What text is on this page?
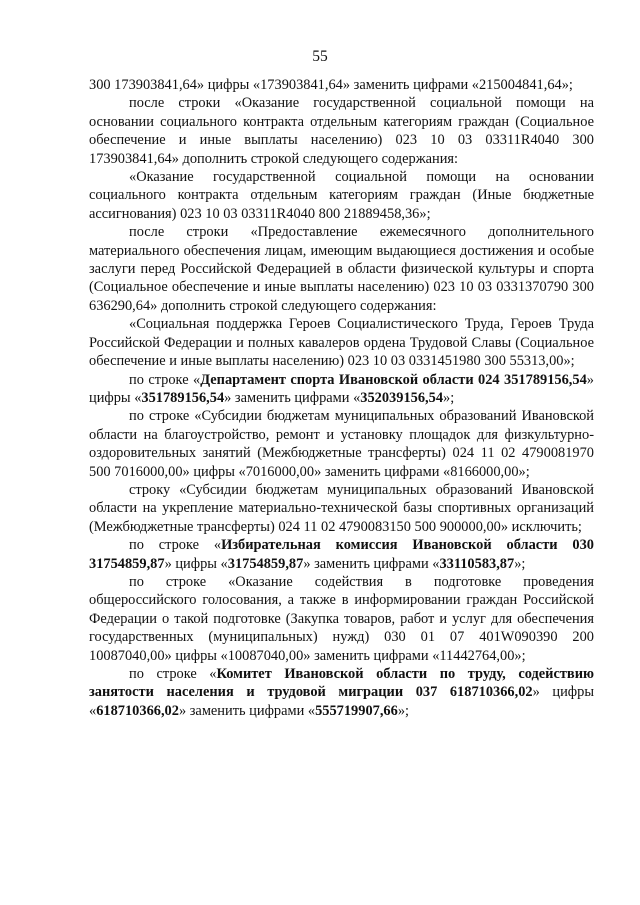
55

300 173903841,64» цифры «173903841,64» заменить цифрами «215004841,64»;

после строки «Оказание государственной социальной помощи на основании социального контракта отдельным категориям граждан (Социальное обеспечение и иные выплаты населению) 023 10 03 03311R4040 300 173903841,64» дополнить строкой следующего содержания:

«Оказание государственной социальной помощи на основании социального контракта отдельным категориям граждан (Иные бюджетные ассигнования) 023 10 03 03311R4040 800 21889458,36»;

после строки «Предоставление ежемесячного дополнительного материального обеспечения лицам, имеющим выдающиеся достижения и особые заслуги перед Российской Федерацией в области физической культуры и спорта (Социальное обеспечение и иные выплаты населению) 023 10 03 0331370790 300 636290,64» дополнить строкой следующего содержания:

«Социальная поддержка Героев Социалистического Труда, Героев Труда Российской Федерации и полных кавалеров ордена Трудовой Славы (Социальное обеспечение и иные выплаты населению) 023 10 03 0331451980 300 55313,00»;

по строке «Департамент спорта Ивановской области 024 351789156,54» цифры «351789156,54» заменить цифрами «352039156,54»;

по строке «Субсидии бюджетам муниципальных образований Ивановской области на благоустройство, ремонт и установку площадок для физкультурно-оздоровительных занятий (Межбюджетные трансферты) 024 11 02 4790081970 500 7016000,00» цифры «7016000,00» заменить цифрами «8166000,00»;

строку «Субсидии бюджетам муниципальных образований Ивановской области на укрепление материально-технической базы спортивных организаций (Межбюджетные трансферты) 024 11 02 4790083150 500 900000,00» исключить;

по строке «Избирательная комиссия Ивановской области 030 31754859,87» цифры «31754859,87» заменить цифрами «33110583,87»;

по строке «Оказание содействия в подготовке проведения общероссийского голосования, а также в информировании граждан Российской Федерации о такой подготовке (Закупка товаров, работ и услуг для обеспечения государственных (муниципальных) нужд) 030 01 07 401W090390 200 10087040,00» цифры «10087040,00» заменить цифрами «11442764,00»;

по строке «Комитет Ивановской области по труду, содействию занятости населения и трудовой миграции 037 618710366,02» цифры «618710366,02» заменить цифрами «555719907,66»;
